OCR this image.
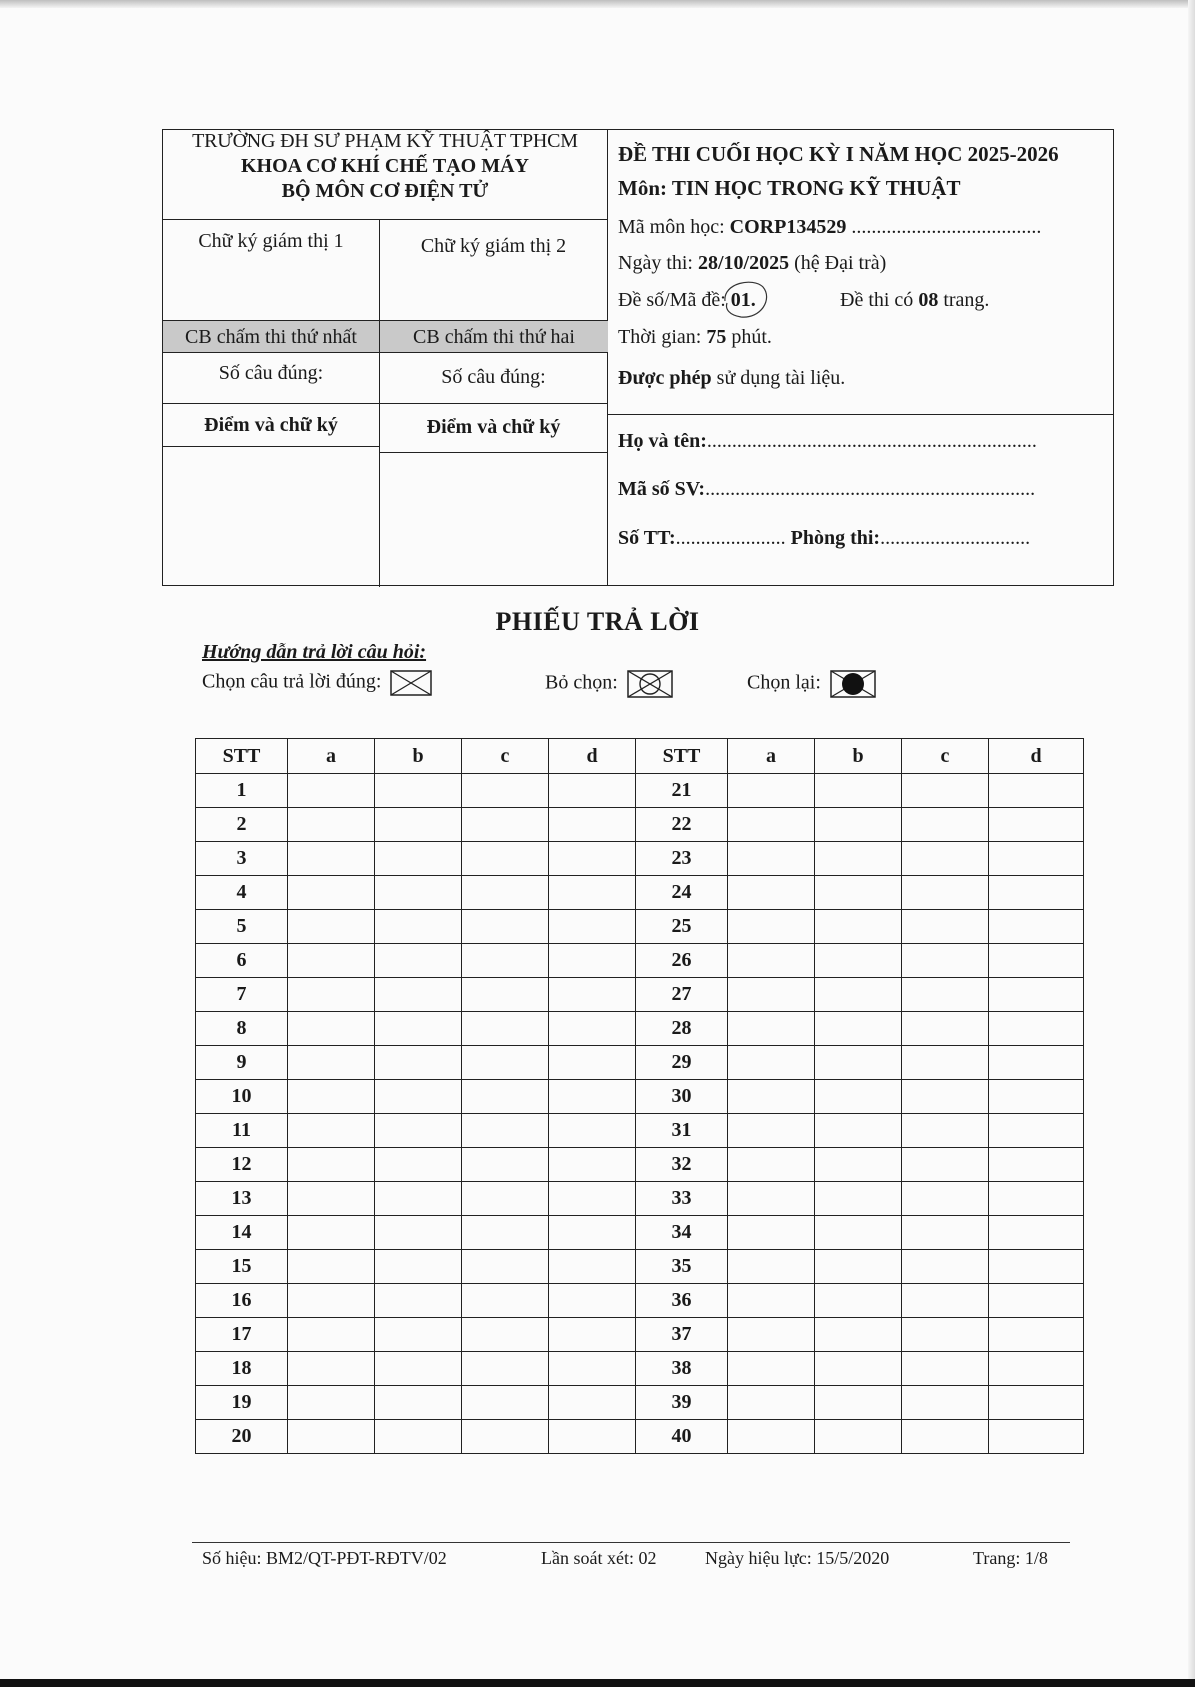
TRƯỜNG ĐH SƯ PHẠM KỸ THUẬT TPHCM
KHOA CƠ KHÍ CHẾ TẠO MÁY
BỘ MÔN CƠ ĐIỆN TỬ
Chữ ký giám thị 1	Chữ ký giám thị 2
CB chấm thi thứ nhất	CB chấm thi thứ hai
Số câu đúng:	Số câu đúng:
Điểm và chữ ký	Điểm và chữ ký
ĐỀ THI CUỐI HỌC KỲ I NĂM HỌC 2025-2026
Môn: TIN HỌC TRONG KỸ THUẬT
Mã môn học: CORP134529 ......................................
Ngày thi: 28/10/2025 (hệ Đại trà)
Đề số/Mã đề: 01.	Đề thi có 08 trang.
Thời gian: 75 phút.
Được phép sử dụng tài liệu.
Họ và tên:..................................................................
Mã số SV:..................................................................
Số TT:...................... Phòng thi:..............................
PHIẾU TRẢ LỜI
Hướng dẫn trả lời câu hỏi:
Chọn câu trả lời đúng:	Bỏ chọn:	Chọn lại:
STT	a	b	c	d	STT	a	b	c	d
1					21				
2					22				
3					23				
4					24				
5					25				
6					26				
7					27				
8					28				
9					29				
10					30				
11					31				
12					32				
13					33				
14					34				
15					35				
16					36				
17					37				
18					38				
19					39				
20					40				
Số hiệu: BM2/QT-PĐT-RĐTV/02	Lần soát xét: 02	Ngày hiệu lực: 15/5/2020	Trang: 1/8
